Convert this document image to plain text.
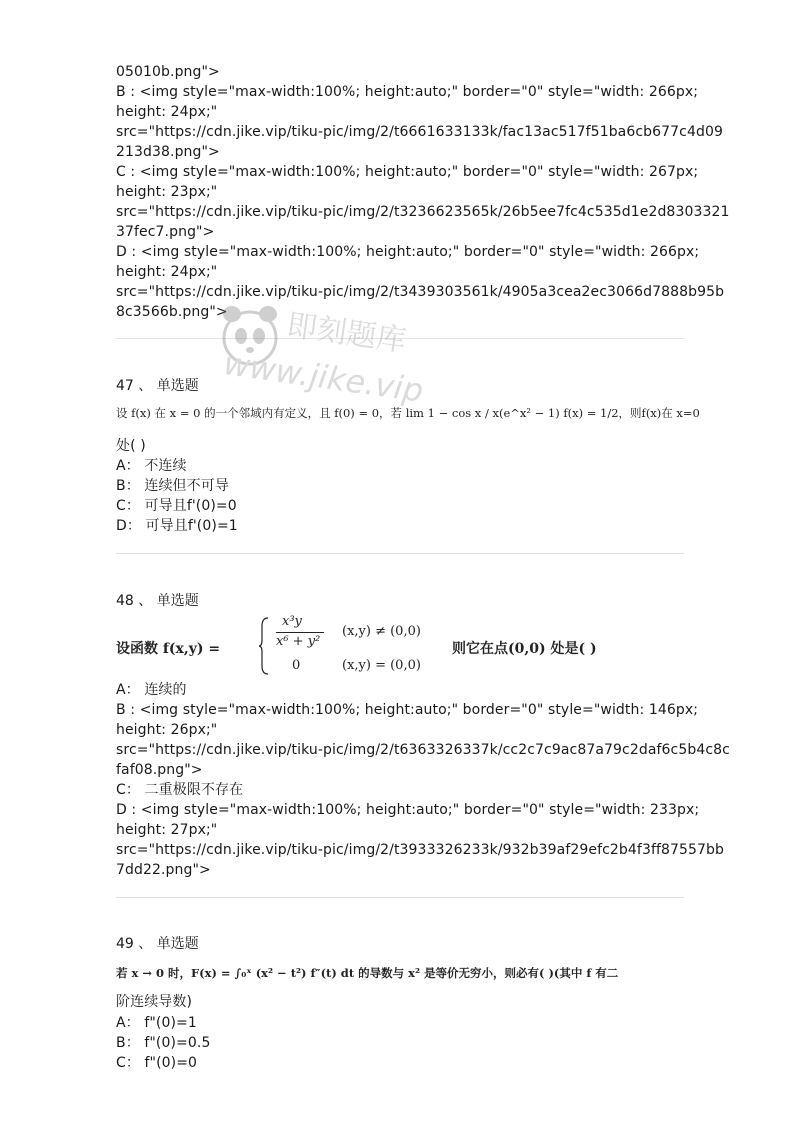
05010b.png">
B : <img style="max-width:100%; height:auto;" border="0" style="width: 266px;
height: 24px;"
src="https://cdn.jike.vip/tiku-pic/img/2/t6661633133k/fac13ac517f51ba6cb677c4d09
213d38.png">
C : <img style="max-width:100%; height:auto;" border="0" style="width: 267px;
height: 23px;"
src="https://cdn.jike.vip/tiku-pic/img/2/t3236623565k/26b5ee7fc4c535d1e2d8303321
37fec7.png">
D : <img style="max-width:100%; height:auto;" border="0" style="width: 266px;
height: 24px;"
src="https://cdn.jike.vip/tiku-pic/img/2/t3439303561k/4905a3cea2ec3066d7888b95b
8c3566b.png"> 即刻题库
www.jike.vip
47 、 单选题
设 f(x) 在 x = 0 的一个邻域内有定义，且 f(0) = 0，若 lim 1 − cos x / x(e^x² − 1) f(x) = 1/2，则f(x)在 x=0
处( )
A： 不连续
B： 连续但不可导
C： 可导且f'(0)=0
D： 可导且f'(0)=1
48 、 单选题
设函数 f(x,y) =
x³y
x⁶ + y²
(x,y) ≠ (0,0)
0	(x,y) = (0,0)
则它在点(0,0) 处是( )
A： 连续的
B : <img style="max-width:100%; height:auto;" border="0" style="width: 146px;
height: 26px;"
src="https://cdn.jike.vip/tiku-pic/img/2/t6363326337k/cc2c7c9ac87a79c2daf6c5b4c8c
faf08.png">
C： 二重极限不存在
D : <img style="max-width:100%; height:auto;" border="0" style="width: 233px;
height: 27px;"
src="https://cdn.jike.vip/tiku-pic/img/2/t3933326233k/932b39af29efc2b4f3ff87557bb
7dd22.png">
49 、 单选题
若 x → 0 时，F(x) = ∫₀ˣ (x² − t²) f″(t) dt 的导数与 x² 是等价无穷小，则必有( )(其中 f 有二
阶连续导数)
A： f"(0)=1
B： f"(0)=0.5
C： f"(0)=0
